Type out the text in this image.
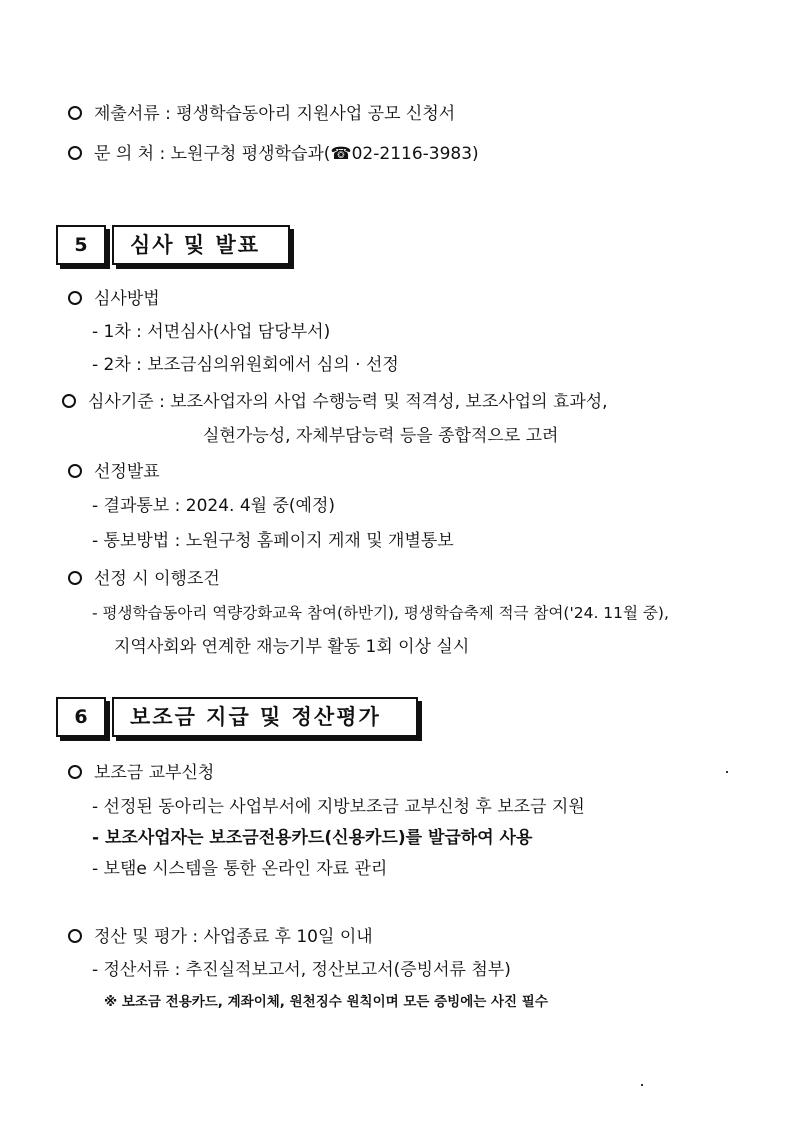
제출서류 : 평생학습동아리 지원사업 공모 신청서
문 의 처 : 노원구청 평생학습과(☎02-2116-3983)
5	심사 및 발표
심사방법
- 1차 : 서면심사(사업 담당부서)
- 2차 : 보조금심의위원회에서 심의 · 선정
심사기준 : 보조사업자의 사업 수행능력 및 적격성, 보조사업의 효과성,
실현가능성, 자체부담능력 등을 종합적으로 고려
선정발표
- 결과통보 : 2024. 4월 중(예정)
- 통보방법 : 노원구청 홈페이지 게재 및 개별통보
선정 시 이행조건
- 평생학습동아리 역량강화교육 참여(하반기), 평생학습축제 적극 참여('24. 11월 중),
지역사회와 연계한 재능기부 활동 1회 이상 실시
6	보조금 지급 및 정산평가
보조금 교부신청
- 선정된 동아리는 사업부서에 지방보조금 교부신청 후 보조금 지원
- 보조사업자는 보조금전용카드(신용카드)를 발급하여 사용
- 보탬e 시스템을 통한 온라인 자료 관리
정산 및 평가 : 사업종료 후 10일 이내
- 정산서류 : 추진실적보고서, 정산보고서(증빙서류 첨부)
※ 보조금 전용카드, 계좌이체, 원천징수 원칙이며 모든 증빙에는 사진 필수
